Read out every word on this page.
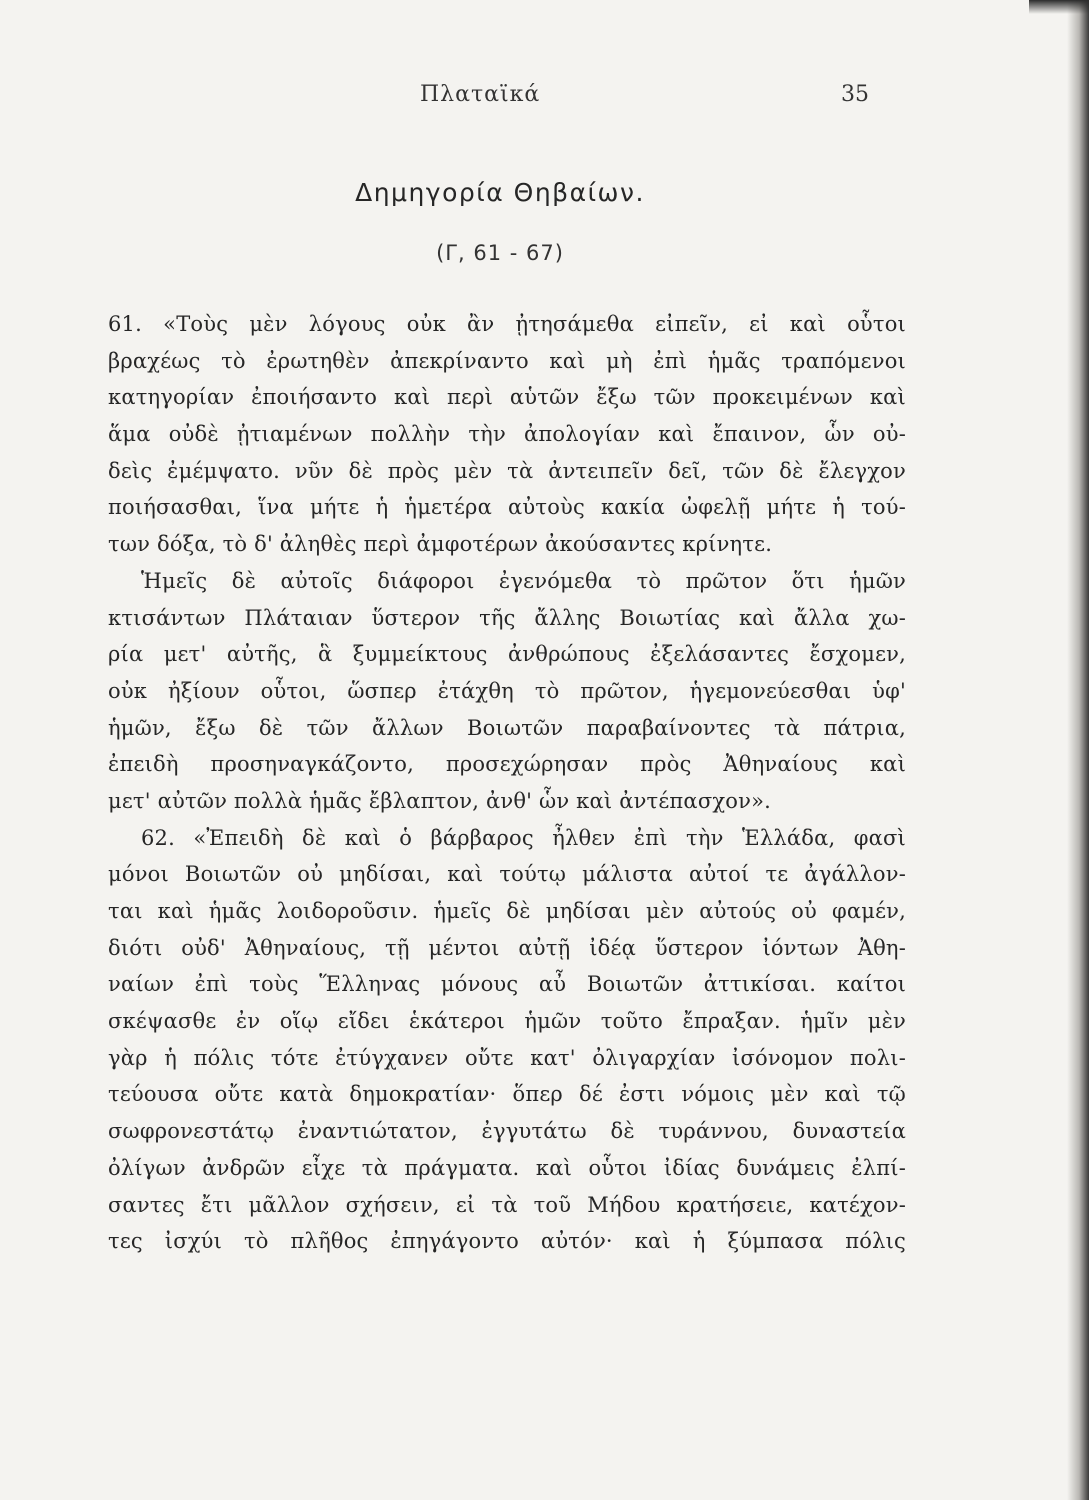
Πλαταϊκά	35
Δημηγορία Θηβαίων.
(Γ, 61 - 67)
61. «Τοὺς μὲν λόγους οὐκ ἂν ᾐτησάμεθα εἰπεῖν, εἰ καὶ οὗτοι
βραχέως τὸ ἐρωτηθὲν ἀπεκρίναντο καὶ μὴ ἐπὶ ἡμᾶς τραπόμενοι
κατηγορίαν ἐποιήσαντο καὶ περὶ αὑτῶν ἔξω τῶν προκειμένων καὶ
ἅμα οὐδὲ ᾐτιαμένων πολλὴν τὴν ἀπολογίαν καὶ ἔπαινον, ὧν οὐ-
δεὶς ἐμέμψατο. νῦν δὲ πρὸς μὲν τὰ ἀντειπεῖν δεῖ, τῶν δὲ ἔλεγχον
ποιήσασθαι, ἵνα μήτε ἡ ἡμετέρα αὐτοὺς κακία ὠφελῇ μήτε ἡ τού-
των δόξα, τὸ δ' ἀληθὲς περὶ ἀμφοτέρων ἀκούσαντες κρίνητε.
Ἡμεῖς δὲ αὐτοῖς διάφοροι ἐγενόμεθα τὸ πρῶτον ὅτι ἡμῶν
κτισάντων Πλάταιαν ὕστερον τῆς ἄλλης Βοιωτίας καὶ ἄλλα χω-
ρία μετ' αὐτῆς, ἃ ξυμμείκτους ἀνθρώπους ἐξελάσαντες ἔσχομεν,
οὐκ ἠξίουν οὗτοι, ὥσπερ ἐτάχθη τὸ πρῶτον, ἡγεμονεύεσθαι ὑφ'
ἡμῶν, ἔξω δὲ τῶν ἄλλων Βοιωτῶν παραβαίνοντες τὰ πάτρια,
ἐπειδὴ προσηναγκάζοντο, προσεχώρησαν πρὸς Ἀθηναίους καὶ
μετ' αὐτῶν πολλὰ ἡμᾶς ἔβλαπτον, ἀνθ' ὧν καὶ ἀντέπασχον».
62. «Ἐπειδὴ δὲ καὶ ὁ βάρβαρος ἦλθεν ἐπὶ τὴν Ἑλλάδα, φασὶ
μόνοι Βοιωτῶν οὐ μηδίσαι, καὶ τούτῳ μάλιστα αὐτοί τε ἀγάλλον-
ται καὶ ἡμᾶς λοιδοροῦσιν. ἡμεῖς δὲ μηδίσαι μὲν αὐτούς οὐ φαμέν,
διότι οὐδ' Ἀθηναίους, τῇ μέντοι αὐτῇ ἰδέᾳ ὕστερον ἰόντων Ἀθη-
ναίων ἐπὶ τοὺς Ἕλληνας μόνους αὖ Βοιωτῶν ἀττικίσαι. καίτοι
σκέψασθε ἐν οἵῳ εἴδει ἑκάτεροι ἡμῶν τοῦτο ἔπραξαν. ἡμῖν μὲν
γὰρ ἡ πόλις τότε ἐτύγχανεν οὔτε κατ' ὀλιγαρχίαν ἰσόνομον πολι-
τεύουσα οὔτε κατὰ δημοκρατίαν· ὅπερ δέ ἐστι νόμοις μὲν καὶ τῷ
σωφρονεστάτῳ ἐναντιώτατον, ἐγγυτάτω δὲ τυράννου, δυναστεία
ὀλίγων ἀνδρῶν εἶχε τὰ πράγματα. καὶ οὗτοι ἰδίας δυνάμεις ἐλπί-
σαντες ἔτι μᾶλλον σχήσειν, εἰ τὰ τοῦ Μήδου κρατήσειε, κατέχον-
τες ἰσχύι τὸ πλῆθος ἐπηγάγοντο αὐτόν· καὶ ἡ ξύμπασα πόλις
